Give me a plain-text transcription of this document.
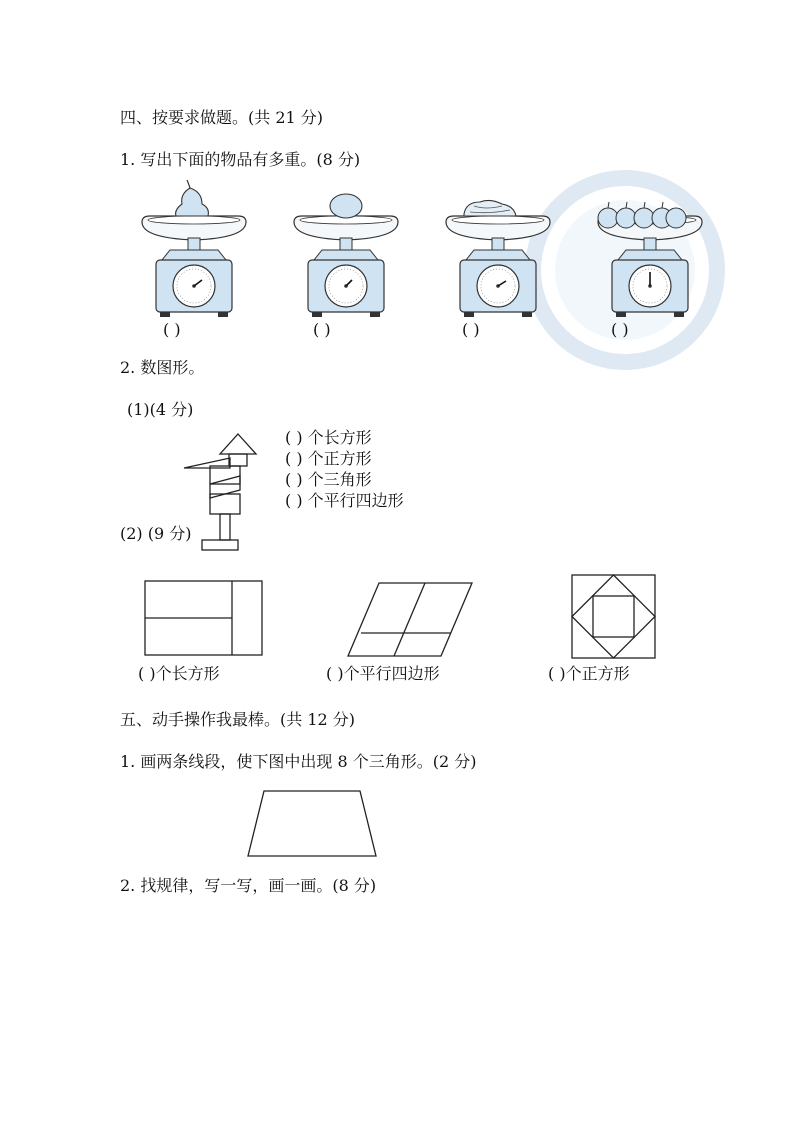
四、按要求做题。(共 21 分)
1. 写出下面的物品有多重。(8 分)
( )	( )	( )	( )
2. 数图形。
(1)(4 分)
( ) 个长方形
( ) 个正方形
( ) 个三角形
( ) 个平行四边形
(2) (9 分)
( )个长方形	( )个平行四边形	( )个正方形
五、动手操作我最棒。(共 12 分)
1. 画两条线段，使下图中出现 8 个三角形。(2 分)
2. 找规律，写一写，画一画。(8 分)
